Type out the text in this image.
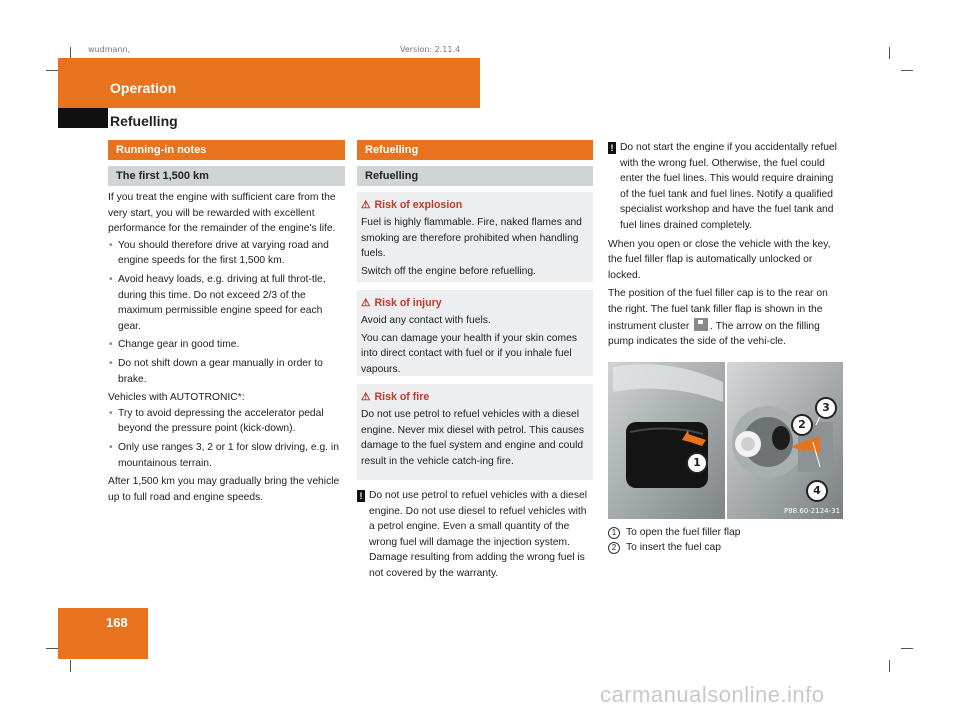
wudmann,	Version: 2.11.4
Operation
Refuelling
Running-in notes
The first 1,500 km

If you treat the engine with sufficient care from the very start, you will be rewarded with excellent performance for the remainder of the engine's life.

• You should therefore drive at varying road and engine speeds for the first 1,500 km.
• Avoid heavy loads, e.g. driving at full throt-tle, during this time. Do not exceed 2/3 of the maximum permissible engine speed for each gear.
• Change gear in good time.
• Do not shift down a gear manually in order to brake.

Vehicles with AUTOTRONIC*:

• Try to avoid depressing the accelerator pedal beyond the pressure point (kick-down).
• Only use ranges 3, 2 or 1 for slow driving, e.g. in mountainous terrain.

After 1,500 km you may gradually bring the vehicle up to full road and engine speeds.

Refuelling
Refuelling
⚠ Risk of explosion

Fuel is highly flammable. Fire, naked flames and smoking are therefore prohibited when handling fuels.

Switch off the engine before refuelling.

⚠ Risk of injury

Avoid any contact with fuels.

You can damage your health if your skin comes into direct contact with fuel or if you inhale fuel vapours.

⚠ Risk of fire

Do not use petrol to refuel vehicles with a diesel engine. Never mix diesel with petrol. This causes damage to the fuel system and engine and could result in the vehicle catch-ing fire.

! Do not use petrol to refuel vehicles with a diesel engine. Do not use diesel to refuel vehicles with a petrol engine. Even a small quantity of the wrong fuel will damage the injection system. Damage resulting from adding the wrong fuel is not covered by the warranty.
! Do not start the engine if you accidentally refuel with the wrong fuel. Otherwise, the fuel could enter the fuel lines. This would require draining of the fuel tank and fuel lines. Notify a qualified specialist workshop and have the fuel tank and fuel lines drained completely.

When you open or close the vehicle with the key, the fuel filler flap is automatically unlocked or locked.

The position of the fuel filler cap is to the rear on the right. The fuel tank filler flap is shown in the instrument cluster . The arrow on the filling pump indicates the side of the vehi-cle.

1
2
3
4
P88.60-2124-31
1 To open the fuel filler flap
2 To insert the fuel cap
168
carmanualsonline.info
